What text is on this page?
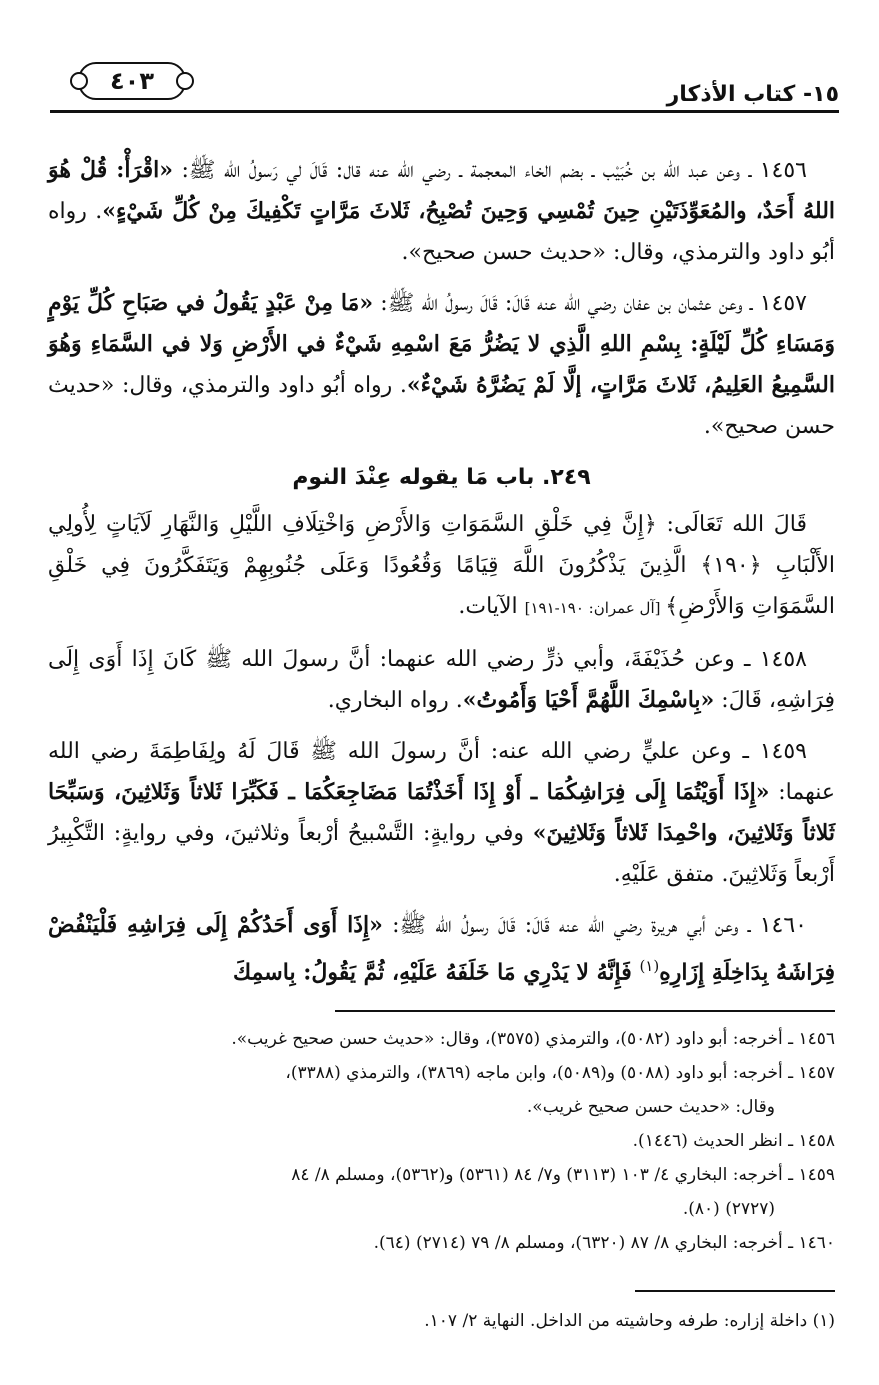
١٥- كتاب الأذكار
٤٠٣

١٤٥٦ ـ وعن عبد الله بن خُبَيْب ـ بضم الخاء المعجمة ـ رضي الله عنه قال: قَالَ لي رَسولُ الله ﷺ: «اقْرَأْ: قُلْ هُوَ اللهُ أَحَدٌ، والمُعَوِّذَتَيْنِ حِينَ تُمْسِي وَحِينَ تُصْبِحُ، ثَلاثَ مَرَّاتٍ تَكْفِيكَ مِنْ كُلِّ شَيْءٍ». رواه أبُو داود والترمذي، وقال: «حديث حسن صحيح».

١٤٥٧ ـ وعن عثمان بن عفان رضي الله عنه قَالَ: قَالَ رسولُ الله ﷺ: «مَا مِنْ عَبْدٍ يَقُولُ في صَبَاحِ كُلِّ يَوْمٍ وَمَسَاءِ كُلِّ لَيْلَةٍ: بِسْمِ اللهِ الَّذِي لا يَضُرُّ مَعَ اسْمِهِ شَيْءٌ في الأَرْضِ وَلا في السَّمَاءِ وَهُوَ السَّمِيعُ العَلِيمُ، ثَلاثَ مَرَّاتٍ، إلَّا لَمْ يَضُرَّهُ شَيْءٌ». رواه أبُو داود والترمذي، وقال: «حديث حسن صحيح».

٢٤٩. باب مَا يقوله عِنْدَ النوم

قَالَ الله تَعَالَى: ﴿إِنَّ فِي خَلْقِ السَّمَوَاتِ وَالأَرْضِ وَاخْتِلَافِ اللَّيْلِ وَالنَّهَارِ لَآيَاتٍ لِأُولِي الأَلْبَابِ ﴿١٩٠﴾ الَّذِينَ يَذْكُرُونَ اللَّهَ قِيَامًا وَقُعُودًا وَعَلَى جُنُوبِهِمْ وَيَتَفَكَّرُونَ فِي خَلْقِ السَّمَوَاتِ وَالأَرْضِ﴾ [آل عمران: ١٩٠-١٩١] الآيات.

١٤٥٨ ـ وعن حُذَيْفَةَ، وأبي ذرٍّ رضي الله عنهما: أنَّ رسولَ الله ﷺ كَانَ إِذَا أَوَى إِلَى فِرَاشِهِ، قَالَ: «بِاسْمِكَ اللَّهُمَّ أَحْيَا وَأَمُوتُ». رواه البخاري.

١٤٥٩ ـ وعن عليٍّ رضي الله عنه: أنَّ رسولَ الله ﷺ قَالَ لَهُ ولِفَاطِمَةَ رضي الله عنهما: «إِذَا أَوَيْتُمَا إِلَى فِرَاشِكُمَا ـ أَوْ إِذَا أَخَذْتُمَا مَضَاجِعَكُمَا ـ فَكَبِّرَا ثَلاثاً وَثَلاثِينَ، وَسَبِّحَا ثَلاثاً وَثَلاثِينَ، واحْمِدَا ثَلاثاً وَثَلاثِينَ» وفي روايةٍ: التَّسْبيحُ أرْبعاً وثلاثينَ، وفي روايةٍ: التَّكْبِيرُ أَرْبعاً وَثَلاثِينَ. متفق عَلَيْهِ.

١٤٦٠ ـ وعن أبي هريرة رضي الله عنه قَالَ: قَالَ رسولُ الله ﷺ: «إِذَا أَوَى أَحَدُكُمْ إِلَى فِرَاشِهِ فَلْيَنْفُضْ فِرَاشَهُ بِدَاخِلَةِ إِزَارِهِ$^{(١)}$ فَإِنَّهُ لا يَدْرِي مَا خَلَفَهُ عَلَيْهِ، ثُمَّ يَقُولُ: بِاسمِكَ

١٤٥٦ ـ أخرجه: أبو داود (٥٠٨٢)، والترمذي (٣٥٧٥)، وقال: «حديث حسن صحيح غريب».

١٤٥٧ ـ أخرجه: أبو داود (٥٠٨٨) و(٥٠٨٩)، وابن ماجه (٣٨٦٩)، والترمذي (٣٣٨٨)،

وقال: «حديث حسن صحيح غريب».

١٤٥٨ ـ انظر الحديث (١٤٤٦).

١٤٥٩ ـ أخرجه: البخاري ٤/ ١٠٣ (٣١١٣) و٧/ ٨٤ (٥٣٦١) و(٥٣٦٢)، ومسلم ٨/ ٨٤

(٢٧٢٧) (٨٠).

١٤٦٠ ـ أخرجه: البخاري ٨/ ٨٧ (٦٣٢٠)، ومسلم ٨/ ٧٩ (٢٧١٤) (٦٤).

(١) داخلة إزاره: طرفه وحاشيته من الداخل. النهاية ٢/ ١٠٧.
